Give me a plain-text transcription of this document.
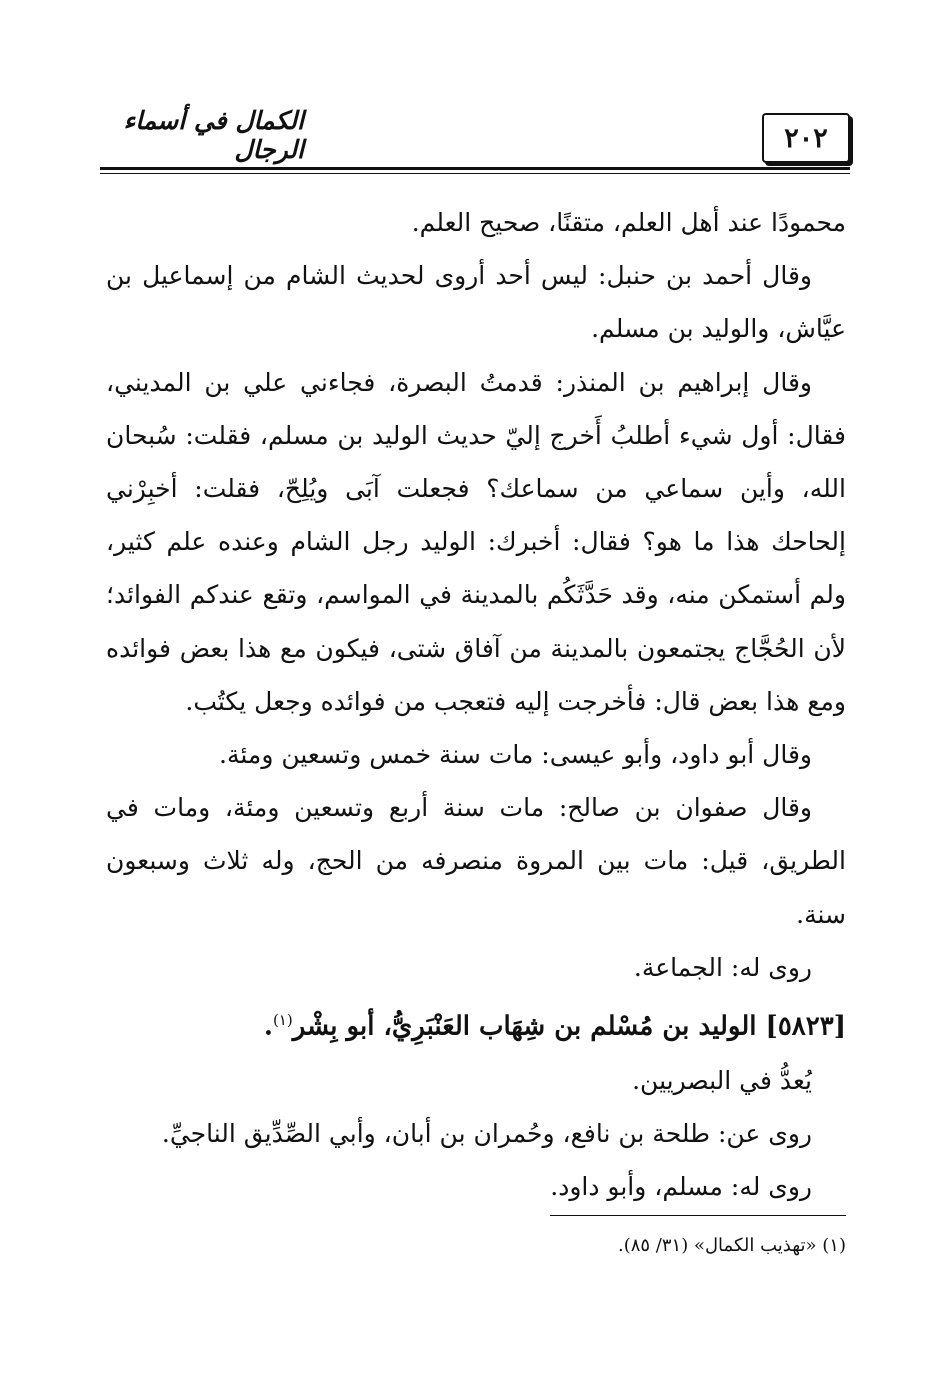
الكمال في أسماء الرجال	٢٠٢

محمودًا عند أهل العلم، متقنًا، صحيح العلم.

وقال أحمد بن حنبل: ليس أحد أروى لحديث الشام من إسماعيل بن عيَّاش، والوليد بن مسلم.

وقال إبراهيم بن المنذر: قدمتُ البصرة، فجاءني علي بن المديني، فقال: أول شيء أطلبُ أَخرج إليّ حديث الوليد بن مسلم، فقلت: سُبحان الله، وأين سماعي من سماعك؟ فجعلت آبَى ويُلِحّ، فقلت: أخبِرْني إلحاحك هذا ما هو؟ فقال: أخبرك: الوليد رجل الشام وعنده علم كثير، ولم أستمكن منه، وقد حَدَّثَكُم بالمدينة في المواسم، وتقع عندكم الفوائد؛ لأن الحُجَّاج يجتمعون بالمدينة من آفاق شتى، فيكون مع هذا بعض فوائده ومع هذا بعض قال: فأخرجت إليه فتعجب من فوائده وجعل يكتُب.

وقال أبو داود، وأبو عيسى: مات سنة خمس وتسعين ومئة.

وقال صفوان بن صالح: مات سنة أربع وتسعين ومئة، ومات في الطريق، قيل: مات بين المروة منصرفه من الحج، وله ثلاث وسبعون سنة.

روى له: الجماعة.

[٥٨٢٣] الوليد بن مُسْلم بن شِهَاب العَنْبَرِيُّ، أبو بِشْر$^{(١)}$.

يُعدُّ في البصريين.

روى عن: طلحة بن نافع، وحُمران بن أبان، وأبي الصِّدِّيق الناجيِّ.

روى له: مسلم، وأبو داود.

(١) «تهذيب الكمال» (٣١/ ٨٥).
